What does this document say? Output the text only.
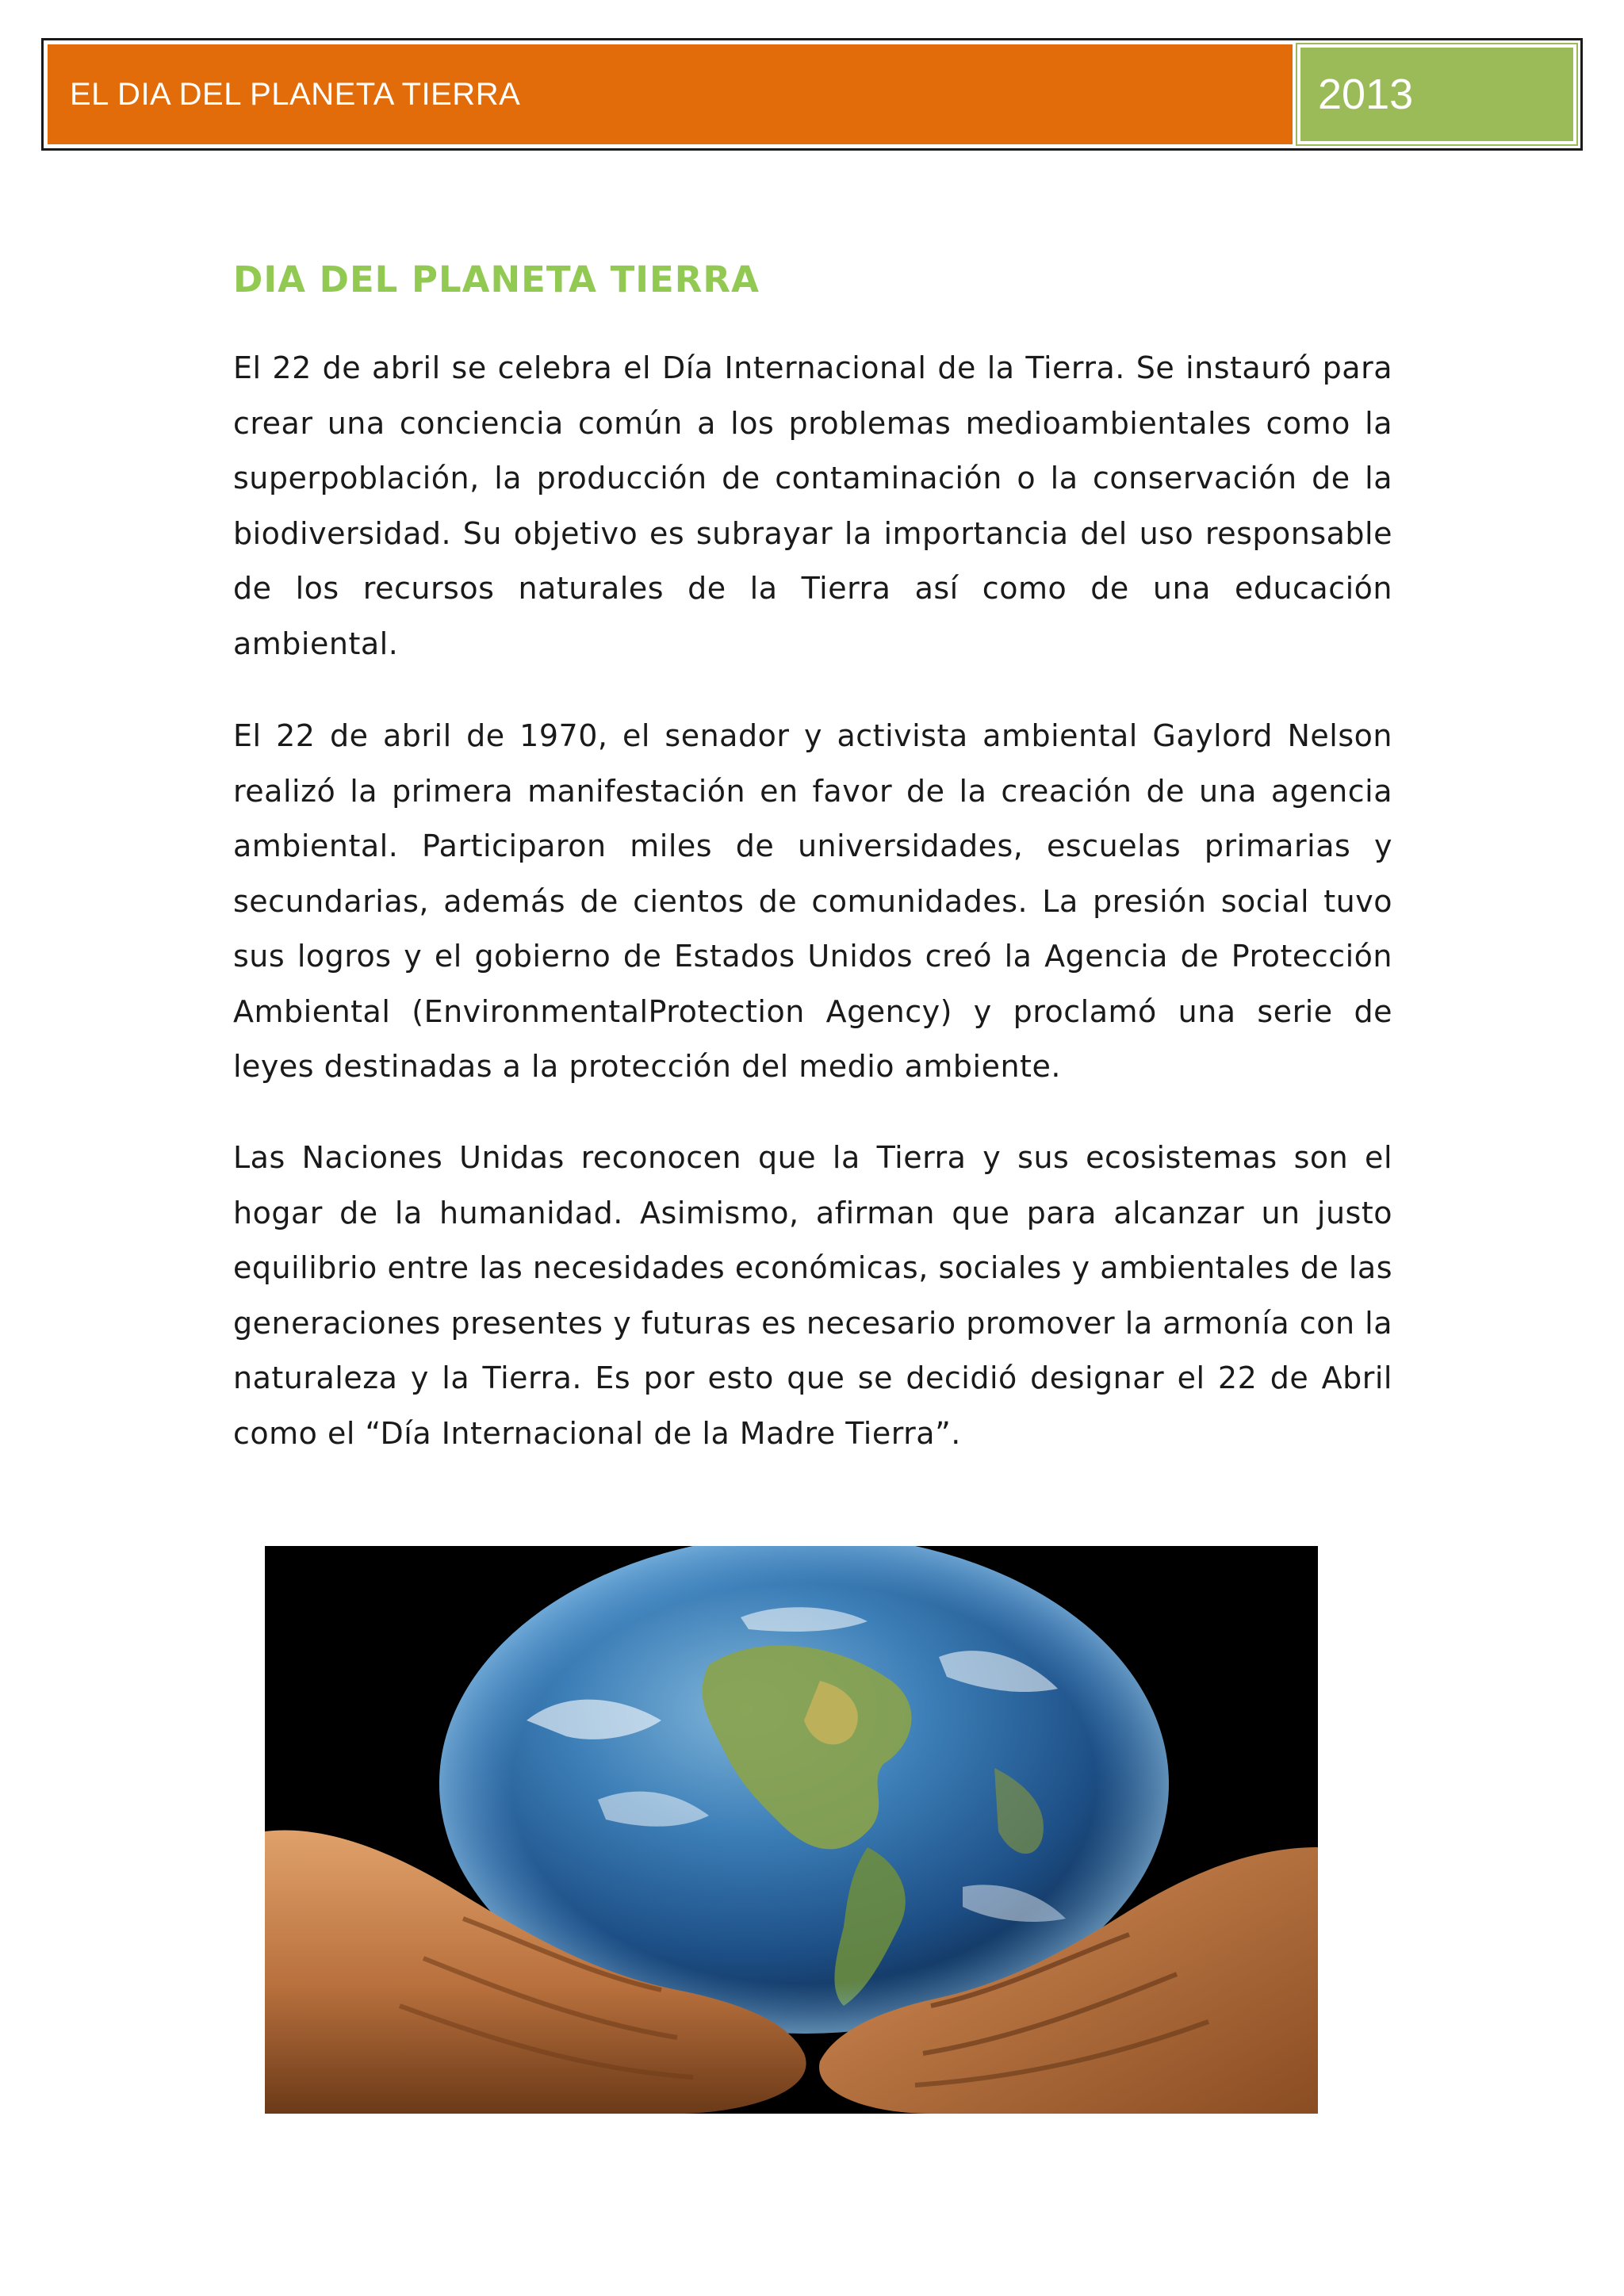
EL DIA DEL PLANETA TIERRA	2013
DIA DEL PLANETA TIERRA

El 22 de abril se celebra el Día Internacional de la Tierra. Se instauró para crear una conciencia común a los problemas medioambientales como la superpoblación, la producción de contaminación o la conservación de la biodiversidad. Su objetivo es subrayar la importancia del uso responsable de los recursos naturales de la Tierra así como de una educación ambiental.

El 22 de abril de 1970, el senador y activista ambiental Gaylord Nelson realizó la primera manifestación en favor de la creación de una agencia ambiental. Participaron miles de universidades, escuelas primarias y secundarias, además de cientos de comunidades. La presión social tuvo sus logros y el gobierno de Estados Unidos creó la Agencia de Protección Ambiental (EnvironmentalProtection Agency) y proclamó una serie de leyes destinadas a la protección del medio ambiente.

Las Naciones Unidas reconocen que la Tierra y sus ecosistemas son el hogar de la humanidad. Asimismo, afirman que para alcanzar un justo equilibrio entre las necesidades económicas, sociales y ambientales de las generaciones presentes y futuras es necesario promover la armonía con la naturaleza y la Tierra. Es por esto que se decidió designar el 22 de Abril como el “Día Internacional de la Madre Tierra”.
